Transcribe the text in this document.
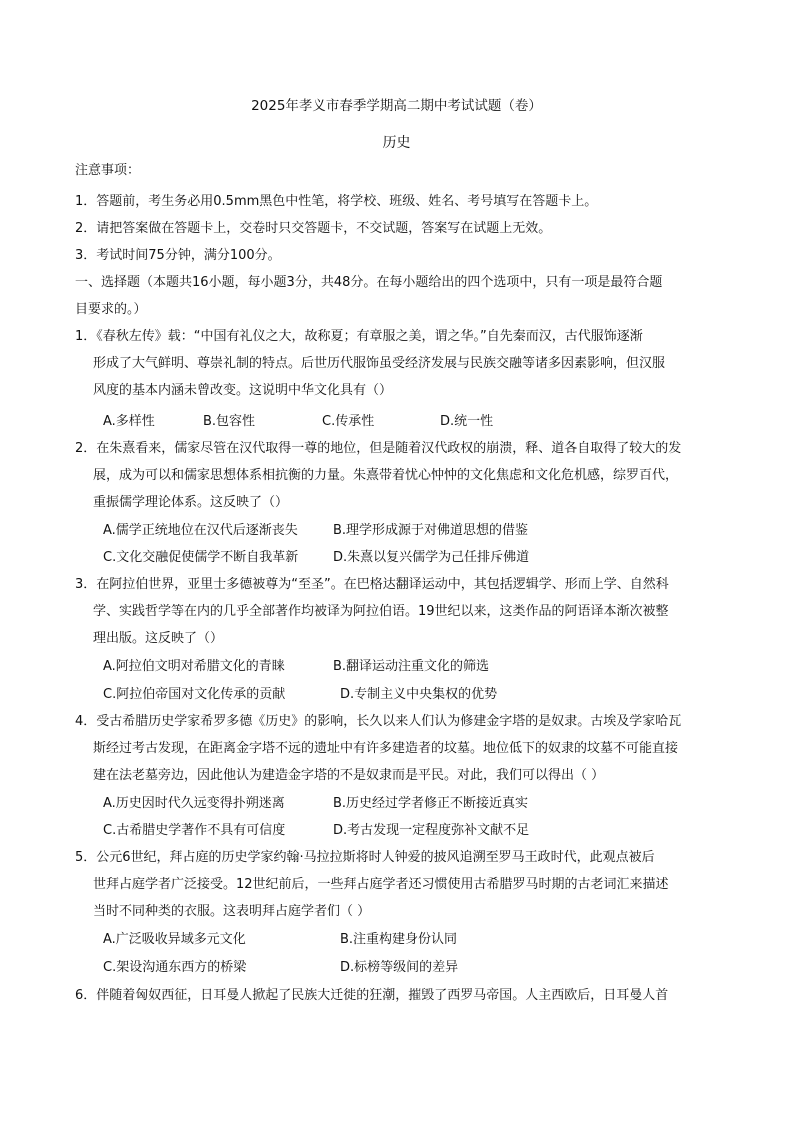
2025年孝义市春季学期高二期中考试试题（卷）
历史
注意事项：
1．答题前，考生务必用0.5mm黑色中性笔，将学校、班级、姓名、考号填写在答题卡上。
2．请把答案做在答题卡上，交卷时只交答题卡，不交试题，答案写在试题上无效。
3．考试时间75分钟，满分100分。
一、选择题（本题共16小题，每小题3分，共48分。在每小题给出的四个选项中，只有一项是最符合题
目要求的。）
1．《春秋左传》载：“中国有礼仪之大，故称夏；有章服之美，谓之华。”自先秦而汉，古代服饰逐渐
形成了大气鲜明、尊崇礼制的特点。后世历代服饰虽受经济发展与民族交融等诸多因素影响，但汉服
风度的基本内涵未曾改变。这说明中华文化具有（）
A.多样性	B.包容性	C.传承性	D.统一性
2．在朱熹看来，儒家尽管在汉代取得一尊的地位，但是随着汉代政权的崩溃，释、道各自取得了较大的发
展，成为可以和儒家思想体系相抗衡的力量。朱熹带着忧心忡忡的文化焦虑和文化危机感，综罗百代，
重振儒学理论体系。这反映了（）
A.儒学正统地位在汉代后逐渐丧失	B.理学形成源于对佛道思想的借鉴
C.文化交融促使儒学不断自我革新	D.朱熹以复兴儒学为己任排斥佛道
3．在阿拉伯世界，亚里士多德被尊为“至圣”。在巴格达翻译运动中，其包括逻辑学、形而上学、自然科
学、实践哲学等在内的几乎全部著作均被译为阿拉伯语。19世纪以来，这类作品的阿语译本渐次被整
理出版。这反映了（）
A.阿拉伯文明对希腊文化的青睐	B.翻译运动注重文化的筛选
C.阿拉伯帝国对文化传承的贡献	D.专制主义中央集权的优势
4．受古希腊历史学家希罗多德《历史》的影响，长久以来人们认为修建金字塔的是奴隶。古埃及学家哈瓦
斯经过考古发现，在距离金字塔不远的遗址中有许多建造者的坟墓。地位低下的奴隶的坟墓不可能直接
建在法老墓旁边，因此他认为建造金字塔的不是奴隶而是平民。对此，我们可以得出（ ）
A.历史因时代久远变得扑朔迷离	B.历史经过学者修正不断接近真实
C.古希腊史学著作不具有可信度	D.考古发现一定程度弥补文献不足
5．公元6世纪，拜占庭的历史学家约翰·马拉拉斯将时人钟爱的披风追溯至罗马王政时代，此观点被后
世拜占庭学者广泛接受。12世纪前后，一些拜占庭学者还习惯使用古希腊罗马时期的古老词汇来描述
当时不同种类的衣服。这表明拜占庭学者们（ ）
A.广泛吸收异域多元文化	B.注重构建身份认同
C.架设沟通东西方的桥梁	D.标榜等级间的差异
6．伴随着匈奴西征，日耳曼人掀起了民族大迁徙的狂潮，摧毁了西罗马帝国。人主西欧后，日耳曼人首
